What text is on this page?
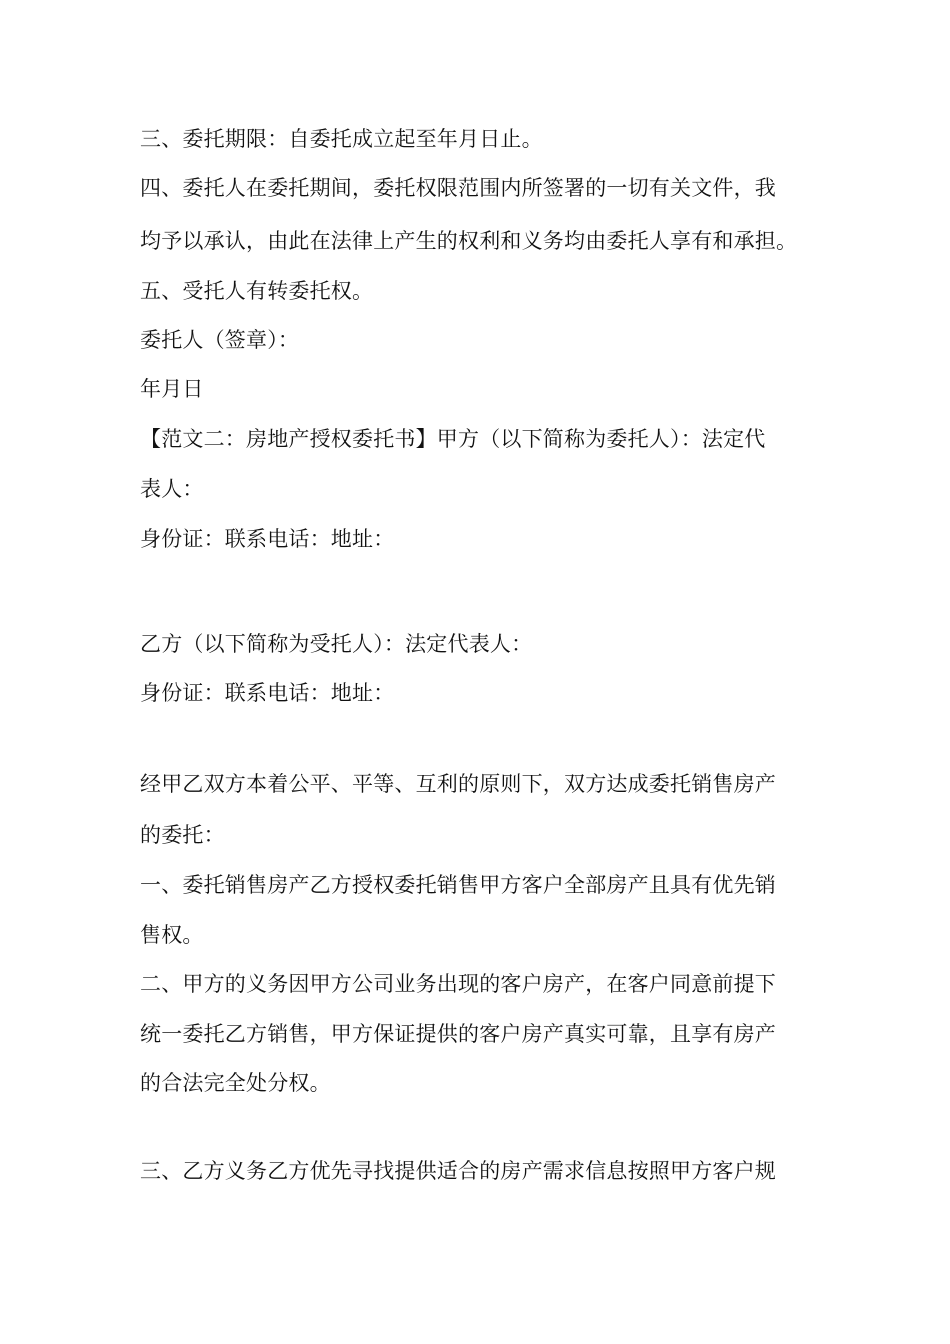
三、委托期限：自委托成立起至年月日止。
四、委托人在委托期间，委托权限范围内所签署的一切有关文件，我
均予以承认，由此在法律上产生的权利和义务均由委托人享有和承担。
五、受托人有转委托权。
委托人（签章）：
年月日
【范文二：房地产授权委托书】甲方（以下简称为委托人）：法定代
表人：
身份证：联系电话：地址：
乙方（以下简称为受托人）：法定代表人：
身份证：联系电话：地址：
经甲乙双方本着公平、平等、互利的原则下，双方达成委托销售房产
的委托：
一、委托销售房产乙方授权委托销售甲方客户全部房产且具有优先销
售权。
二、甲方的义务因甲方公司业务出现的客户房产，在客户同意前提下
统一委托乙方销售，甲方保证提供的客户房产真实可靠，且享有房产
的合法完全处分权。
三、乙方义务乙方优先寻找提供适合的房产需求信息按照甲方客户规
